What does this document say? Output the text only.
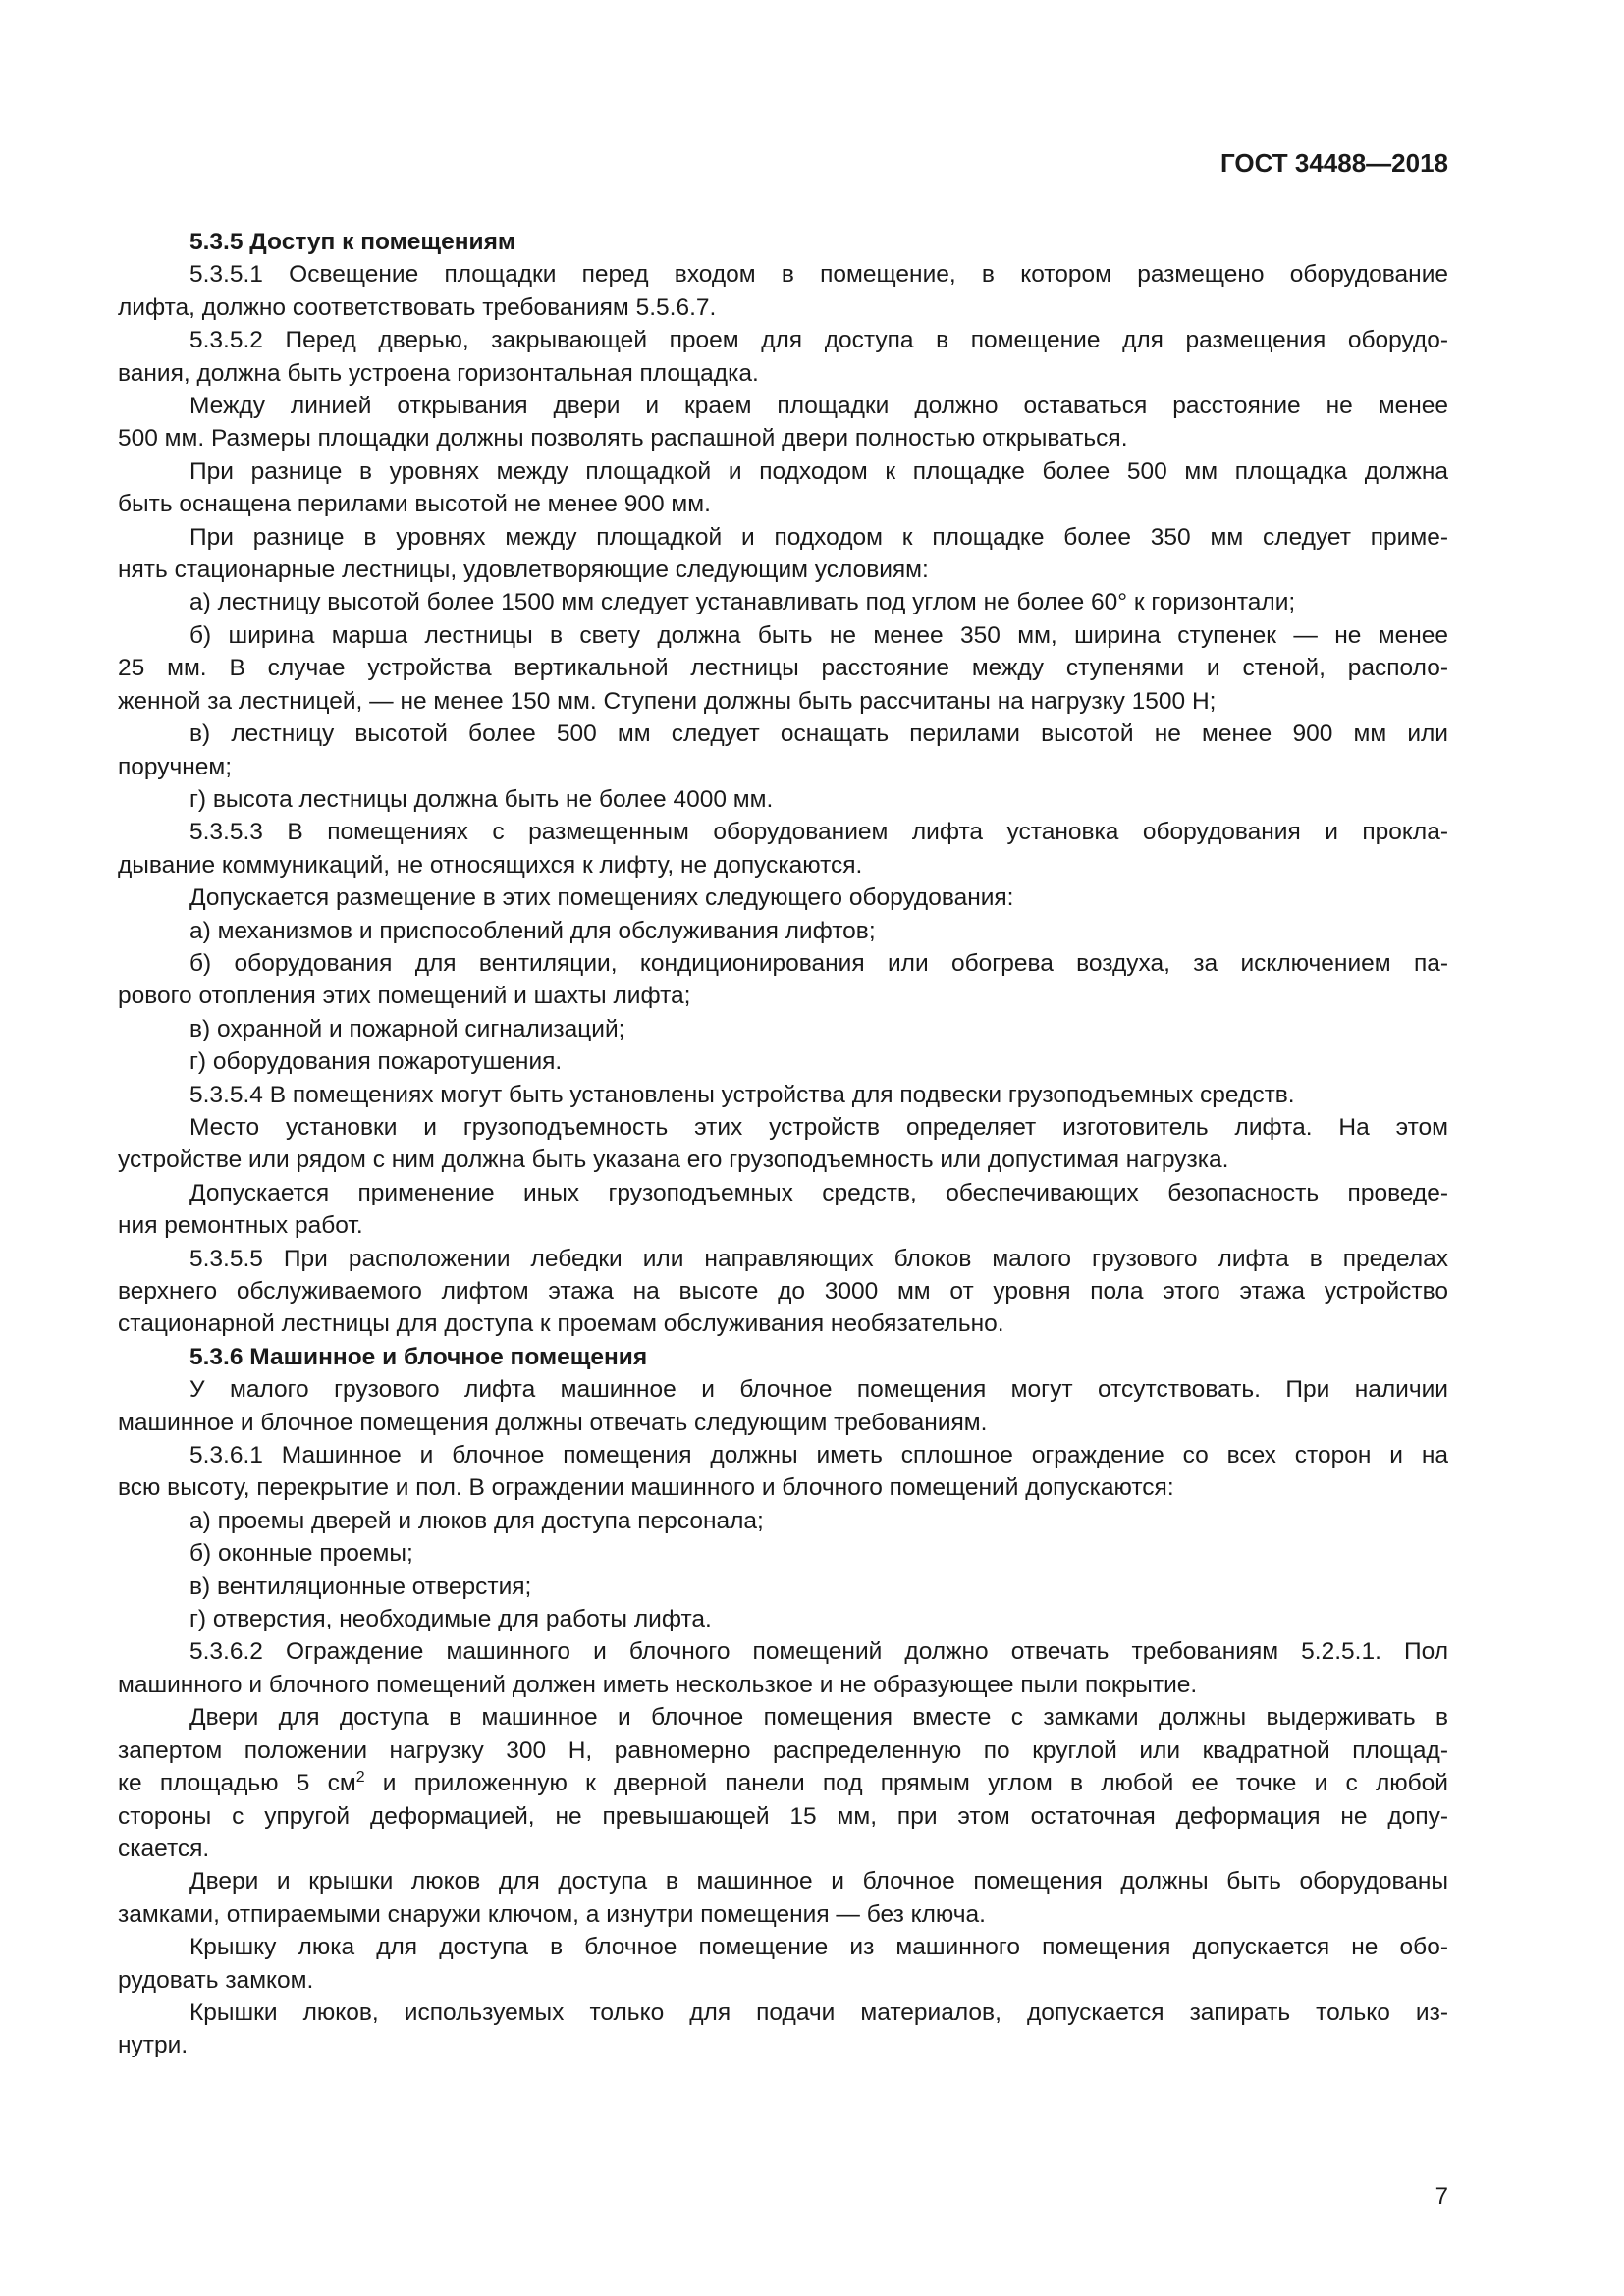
ГОСТ 34488—2018
5.3.5 Доступ к помещениям
5.3.5.1 Освещение площадки перед входом в помещение, в котором размещено оборудование
лифта, должно соответствовать требованиям 5.5.6.7.
5.3.5.2 Перед дверью, закрывающей проем для доступа в помещение для размещения оборудо-
вания, должна быть устроена горизонтальная площадка.
Между линией открывания двери и краем площадки должно оставаться расстояние не менее
500 мм. Размеры площадки должны позволять распашной двери полностью открываться.
При разнице в уровнях между площадкой и подходом к площадке более 500 мм площадка должна
быть оснащена перилами высотой не менее 900 мм.
При разнице в уровнях между площадкой и подходом к площадке более 350 мм следует приме-
нять стационарные лестницы, удовлетворяющие следующим условиям:
а) лестницу высотой более 1500 мм следует устанавливать под углом не более 60° к горизонтали;
б) ширина марша лестницы в свету должна быть не менее 350 мм, ширина ступенек — не менее
25 мм. В случае устройства вертикальной лестницы расстояние между ступенями и стеной, располо-
женной за лестницей, — не менее 150 мм. Ступени должны быть рассчитаны на нагрузку 1500 Н;
в) лестницу высотой более 500 мм следует оснащать перилами высотой не менее 900 мм или
поручнем;
г) высота лестницы должна быть не более 4000 мм.
5.3.5.3 В помещениях с размещенным оборудованием лифта установка оборудования и прокла-
дывание коммуникаций, не относящихся к лифту, не допускаются.
Допускается размещение в этих помещениях следующего оборудования:
а) механизмов и приспособлений для обслуживания лифтов;
б) оборудования для вентиляции, кондиционирования или обогрева воздуха, за исключением па-
рового отопления этих помещений и шахты лифта;
в) охранной и пожарной сигнализаций;
г) оборудования пожаротушения.
5.3.5.4 В помещениях могут быть установлены устройства для подвески грузоподъемных средств.
Место установки и грузоподъемность этих устройств определяет изготовитель лифта. На этом
устройстве или рядом с ним должна быть указана его грузоподъемность или допустимая нагрузка.
Допускается применение иных грузоподъемных средств, обеспечивающих безопасность проведе-
ния ремонтных работ.
5.3.5.5 При расположении лебедки или направляющих блоков малого грузового лифта в пределах
верхнего обслуживаемого лифтом этажа на высоте до 3000 мм от уровня пола этого этажа устройство
стационарной лестницы для доступа к проемам обслуживания необязательно.
5.3.6 Машинное и блочное помещения
У малого грузового лифта машинное и блочное помещения могут отсутствовать. При наличии
машинное и блочное помещения должны отвечать следующим требованиям.
5.3.6.1 Машинное и блочное помещения должны иметь сплошное ограждение со всех сторон и на
всю высоту, перекрытие и пол. В ограждении машинного и блочного помещений допускаются:
а) проемы дверей и люков для доступа персонала;
б) оконные проемы;
в) вентиляционные отверстия;
г) отверстия, необходимые для работы лифта.
5.3.6.2 Ограждение машинного и блочного помещений должно отвечать требованиям 5.2.5.1. Пол
машинного и блочного помещений должен иметь нескользкое и не образующее пыли покрытие.
Двери для доступа в машинное и блочное помещения вместе с замками должны выдерживать в
запертом положении нагрузку 300 Н, равномерно распределенную по круглой или квадратной площад-
ке площадью 5 $см^2$ и приложенную к дверной панели под прямым углом в любой ее точке и с любой
стороны с упругой деформацией, не превышающей 15 мм, при этом остаточная деформация не допу-
скается.
Двери и крышки люков для доступа в машинное и блочное помещения должны быть оборудованы
замками, отпираемыми снаружи ключом, а изнутри помещения — без ключа.
Крышку люка для доступа в блочное помещение из машинного помещения допускается не обо-
рудовать замком.
Крышки люков, используемых только для подачи материалов, допускается запирать только из-
нутри.
7
